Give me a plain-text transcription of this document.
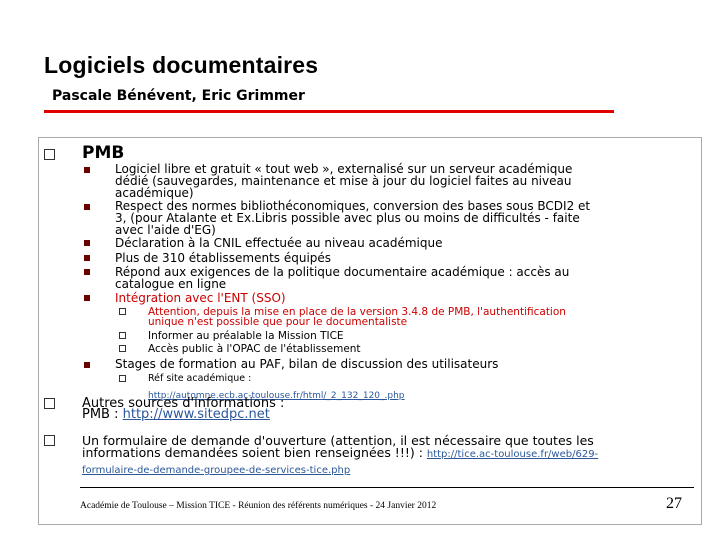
Logiciels documentaires
Pascale Bénévent, Eric Grimmer
PMB
Logiciel libre et gratuit « tout web », externalisé sur un serveur académique
dédié (sauvegardes, maintenance et mise à jour du logiciel faites au niveau
académique)
Respect des normes bibliothéconomiques, conversion des bases sous BCDI2 et
3, (pour Atalante et Ex.Libris possible avec plus ou moins de difficultés - faite
avec l'aide d'EG)
Déclaration à la CNIL effectuée au niveau académique
Plus de 310 établissements équipés
Répond aux exigences de la politique documentaire académique : accès au
catalogue en ligne
Intégration avec l'ENT (SSO)
Attention, depuis la mise en place de la version 3.4.8 de PMB, l'authentification
unique n'est possible que pour le documentaliste
Informer au préalable la Mission TICE
Accès public à l'OPAC de l'établissement
Stages de formation au PAF, bilan de discussion des utilisateurs
Réf site académique :
http://automne.ecb.ac-toulouse.fr/html/_2_132_120_.php
Autres sources d'informations :
PMB : http://www.sitedpc.net
Un formulaire de demande d'ouverture (attention, il est nécessaire que toutes les
informations demandées soient bien renseignées !!!) : http://tice.ac-toulouse.fr/web/629-
formulaire-de-demande-groupee-de-services-tice.php
Académie de Toulouse – Mission TICE - Réunion des référents numériques - 24 Janvier 2012	27
